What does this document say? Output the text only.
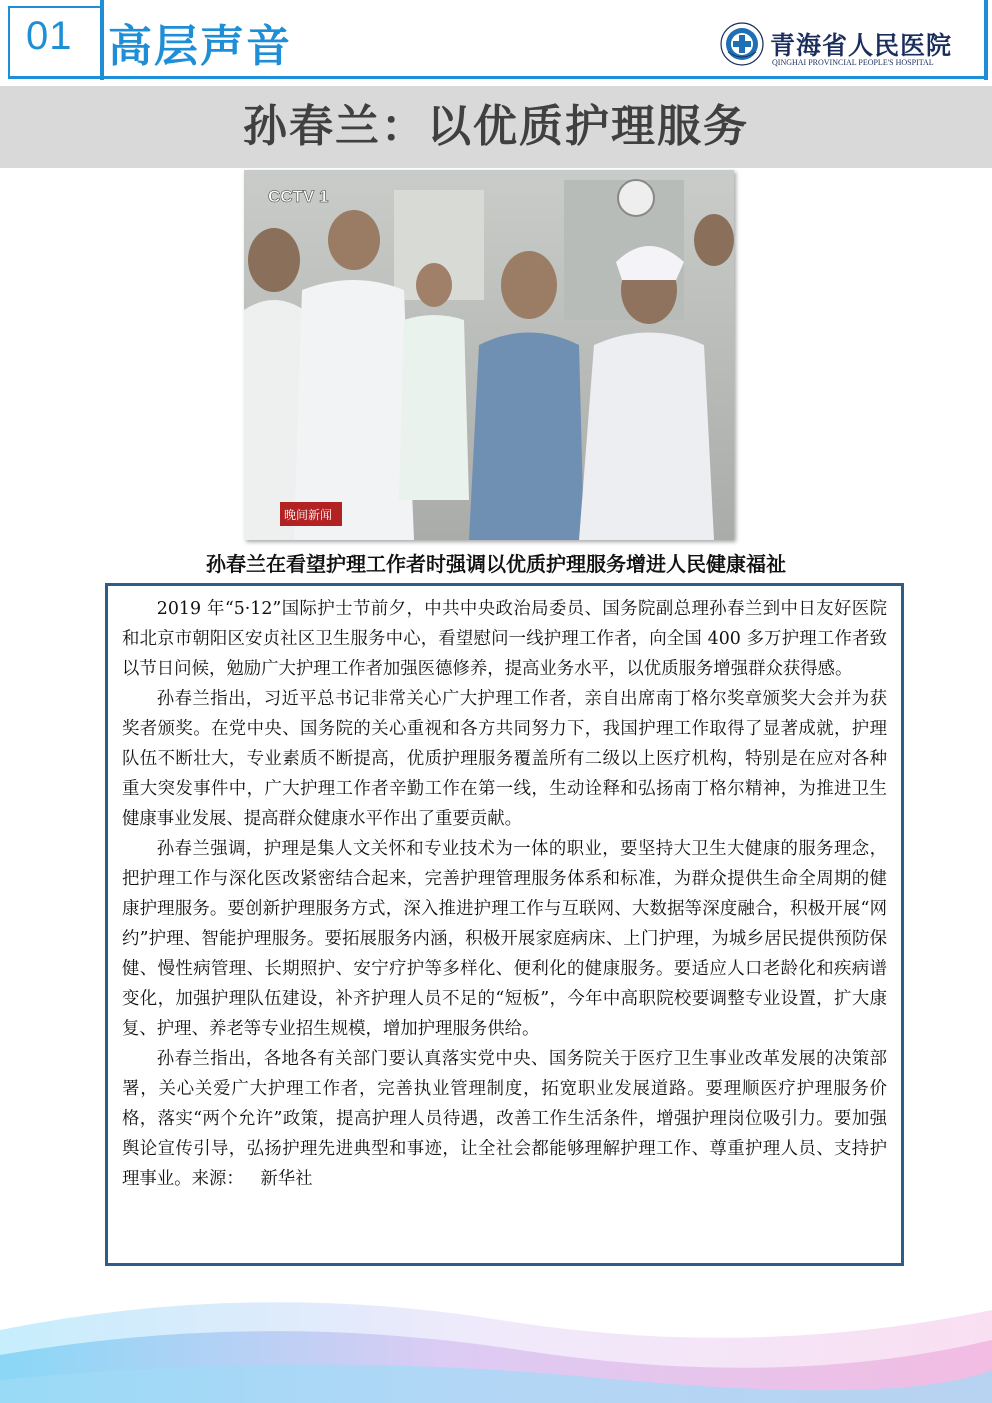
01 高层声音	青海省人民医院
QINGHAI PROVINCIAL PEOPLE'S HOSPITAL
孙春兰：以优质护理服务
CCTV 1
晚间新闻
孙春兰在看望护理工作者时强调以优质护理服务增进人民健康福祉

2019 年“5·12”国际护士节前夕，中共中央政治局委员、国务院副总理孙春兰到中日友好医院和北京市朝阳区安贞社区卫生服务中心，看望慰问一线护理工作者，向全国 400 多万护理工作者致以节日问候，勉励广大护理工作者加强医德修养，提高业务水平，以优质服务增强群众获得感。

孙春兰指出，习近平总书记非常关心广大护理工作者，亲自出席南丁格尔奖章颁奖大会并为获奖者颁奖。在党中央、国务院的关心重视和各方共同努力下，我国护理工作取得了显著成就，护理队伍不断壮大，专业素质不断提高，优质护理服务覆盖所有二级以上医疗机构，特别是在应对各种重大突发事件中，广大护理工作者辛勤工作在第一线，生动诠释和弘扬南丁格尔精神，为推进卫生健康事业发展、提高群众健康水平作出了重要贡献。

孙春兰强调，护理是集人文关怀和专业技术为一体的职业，要坚持大卫生大健康的服务理念，把护理工作与深化医改紧密结合起来，完善护理管理服务体系和标准，为群众提供生命全周期的健康护理服务。要创新护理服务方式，深入推进护理工作与互联网、大数据等深度融合，积极开展“网约”护理、智能护理服务。要拓展服务内涵，积极开展家庭病床、上门护理，为城乡居民提供预防保健、慢性病管理、长期照护、安宁疗护等多样化、便利化的健康服务。要适应人口老龄化和疾病谱变化，加强护理队伍建设，补齐护理人员不足的“短板”，今年中高职院校要调整专业设置，扩大康复、护理、养老等专业招生规模，增加护理服务供给。

孙春兰指出，各地各有关部门要认真落实党中央、国务院关于医疗卫生事业改革发展的决策部署，关心关爱广大护理工作者，完善执业管理制度，拓宽职业发展道路。要理顺医疗护理服务价格，落实“两个允许”政策，提高护理人员待遇，改善工作生活条件，增强护理岗位吸引力。要加强舆论宣传引导，弘扬护理先进典型和事迹，让全社会都能够理解护理工作、尊重护理人员、支持护理事业。来源： 新华社
